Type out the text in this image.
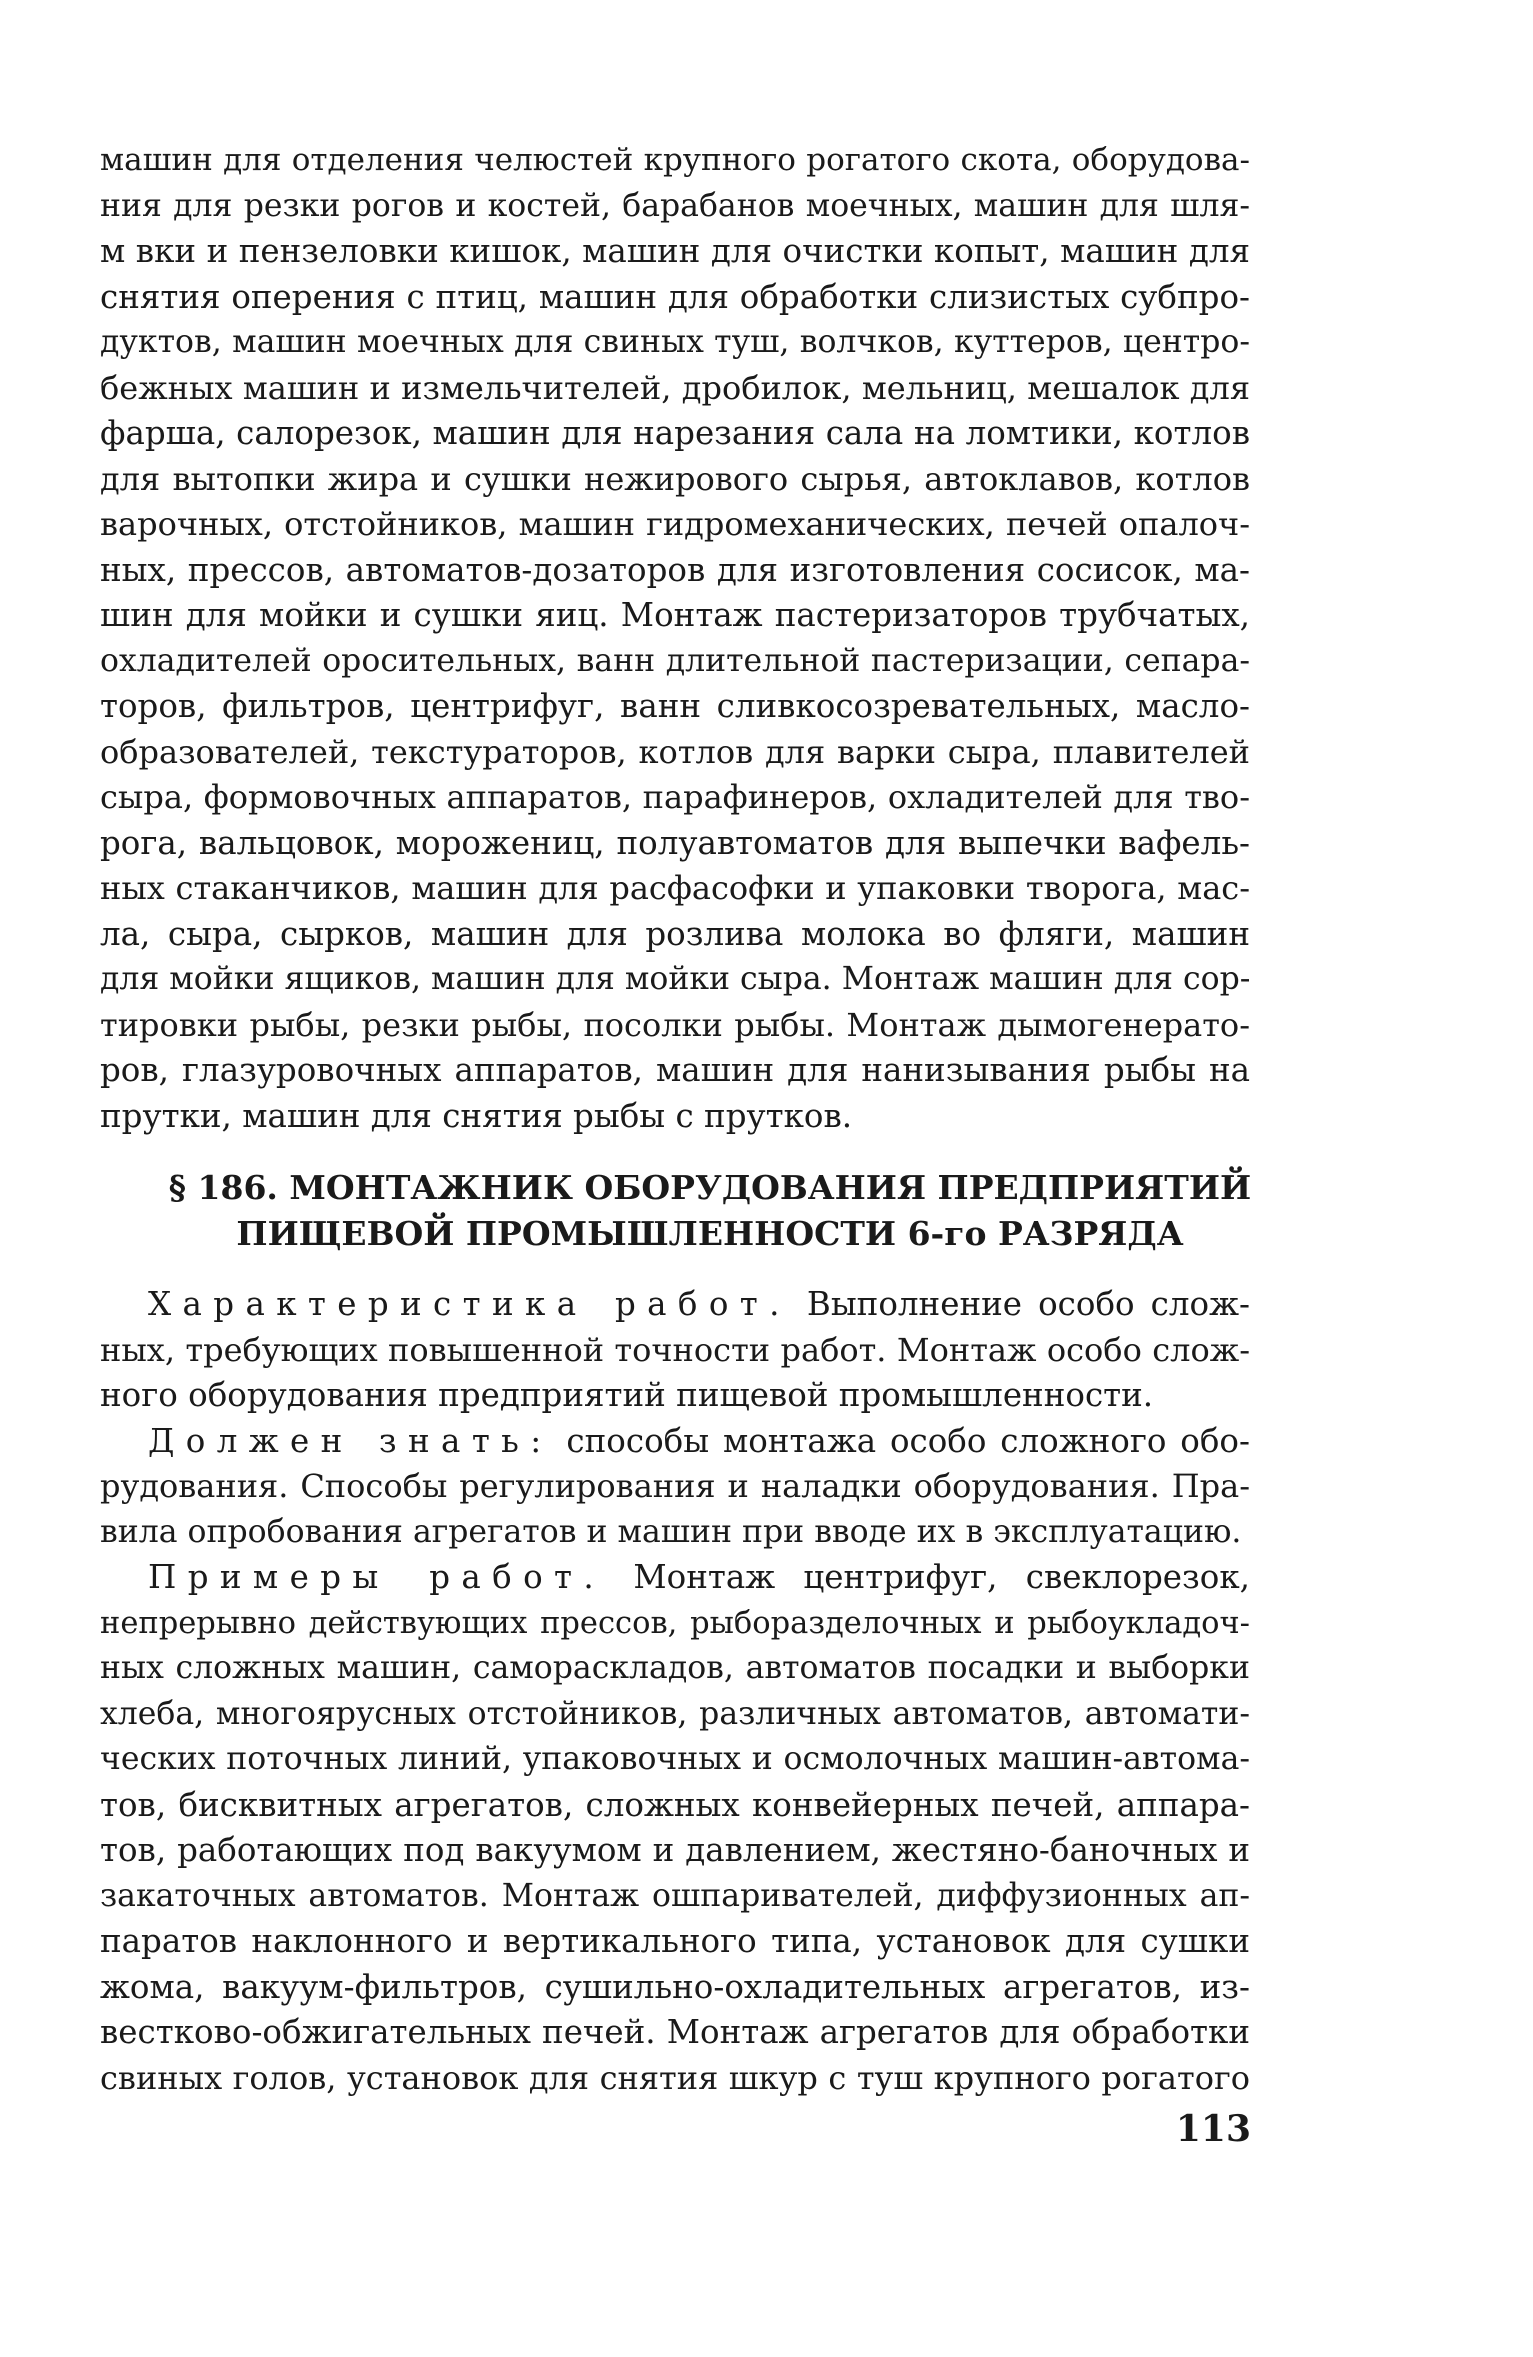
машин для отделения челюстей крупного рогатого скота, оборудова-
ния для резки рогов и костей, барабанов моечных, машин для шля-
м вки и пензеловки кишок, машин для очистки копыт, машин для
снятия оперения с птиц, машин для обработки слизистых субпро-
дуктов, машин моечных для свиных туш, волчков, куттеров, центро-
бежных машин и измельчителей, дробилок, мельниц, мешалок для
фарша, салорезок, машин для нарезания сала на ломтики, котлов
для вытопки жира и сушки нежирового сырья, автоклавов, котлов
варочных, отстойников, машин гидромеханических, печей опалоч-
ных, прессов, автоматов-дозаторов для изготовления сосисок, ма-
шин для мойки и сушки яиц. Монтаж пастеризаторов трубчатых,
охладителей оросительных, ванн длительной пастеризации, сепара-
торов, фильтров, центрифуг, ванн сливкосозревательных, масло-
образователей, текстураторов, котлов для варки сыра, плавителей
сыра, формовочных аппаратов, парафинеров, охладителей для тво-
рога, вальцовок, морожениц, полуавтоматов для выпечки вафель-
ных стаканчиков, машин для расфасофки и упаковки творога, мас-
ла, сыра, сырков, машин для розлива молока во фляги, машин
для мойки ящиков, машин для мойки сыра. Монтаж машин для сор-
тировки рыбы, резки рыбы, посолки рыбы. Монтаж дымогенерато-
ров, глазуровочных аппаратов, машин для нанизывания рыбы на
прутки, машин для снятия рыбы с прутков.
§ 186. МОНТАЖНИК ОБОРУДОВАНИЯ ПРЕДПРИЯТИЙ
ПИЩЕВОЙ ПРОМЫШЛЕННОСТИ 6-го РАЗРЯДА
Характеристика работ. Выполнение особо слож-
ных, требующих повышенной точности работ. Монтаж особо слож-
ного оборудования предприятий пищевой промышленности.
Должен знать: способы монтажа особо сложного обо-
рудования. Способы регулирования и наладки оборудования. Пра-
вила опробования агрегатов и машин при вводе их в эксплуатацию.
Примеры работ. Монтаж центрифуг, свеклорезок,
непрерывно действующих прессов, рыборазделочных и рыбоукладоч-
ных сложных машин, самораскладов, автоматов посадки и выборки
хлеба, многоярусных отстойников, различных автоматов, автомати-
ческих поточных линий, упаковочных и осмолочных машин-автома-
тов, бисквитных агрегатов, сложных конвейерных печей, аппара-
тов, работающих под вакуумом и давлением, жестяно-баночных и
закаточных автоматов. Монтаж ошпаривателей, диффузионных ап-
паратов наклонного и вертикального типа, установок для сушки
жома, вакуум-фильтров, сушильно-охладительных агрегатов, из-
вестково-обжигательных печей. Монтаж агрегатов для обработки
свиных голов, установок для снятия шкур с туш крупного рогатого
113
